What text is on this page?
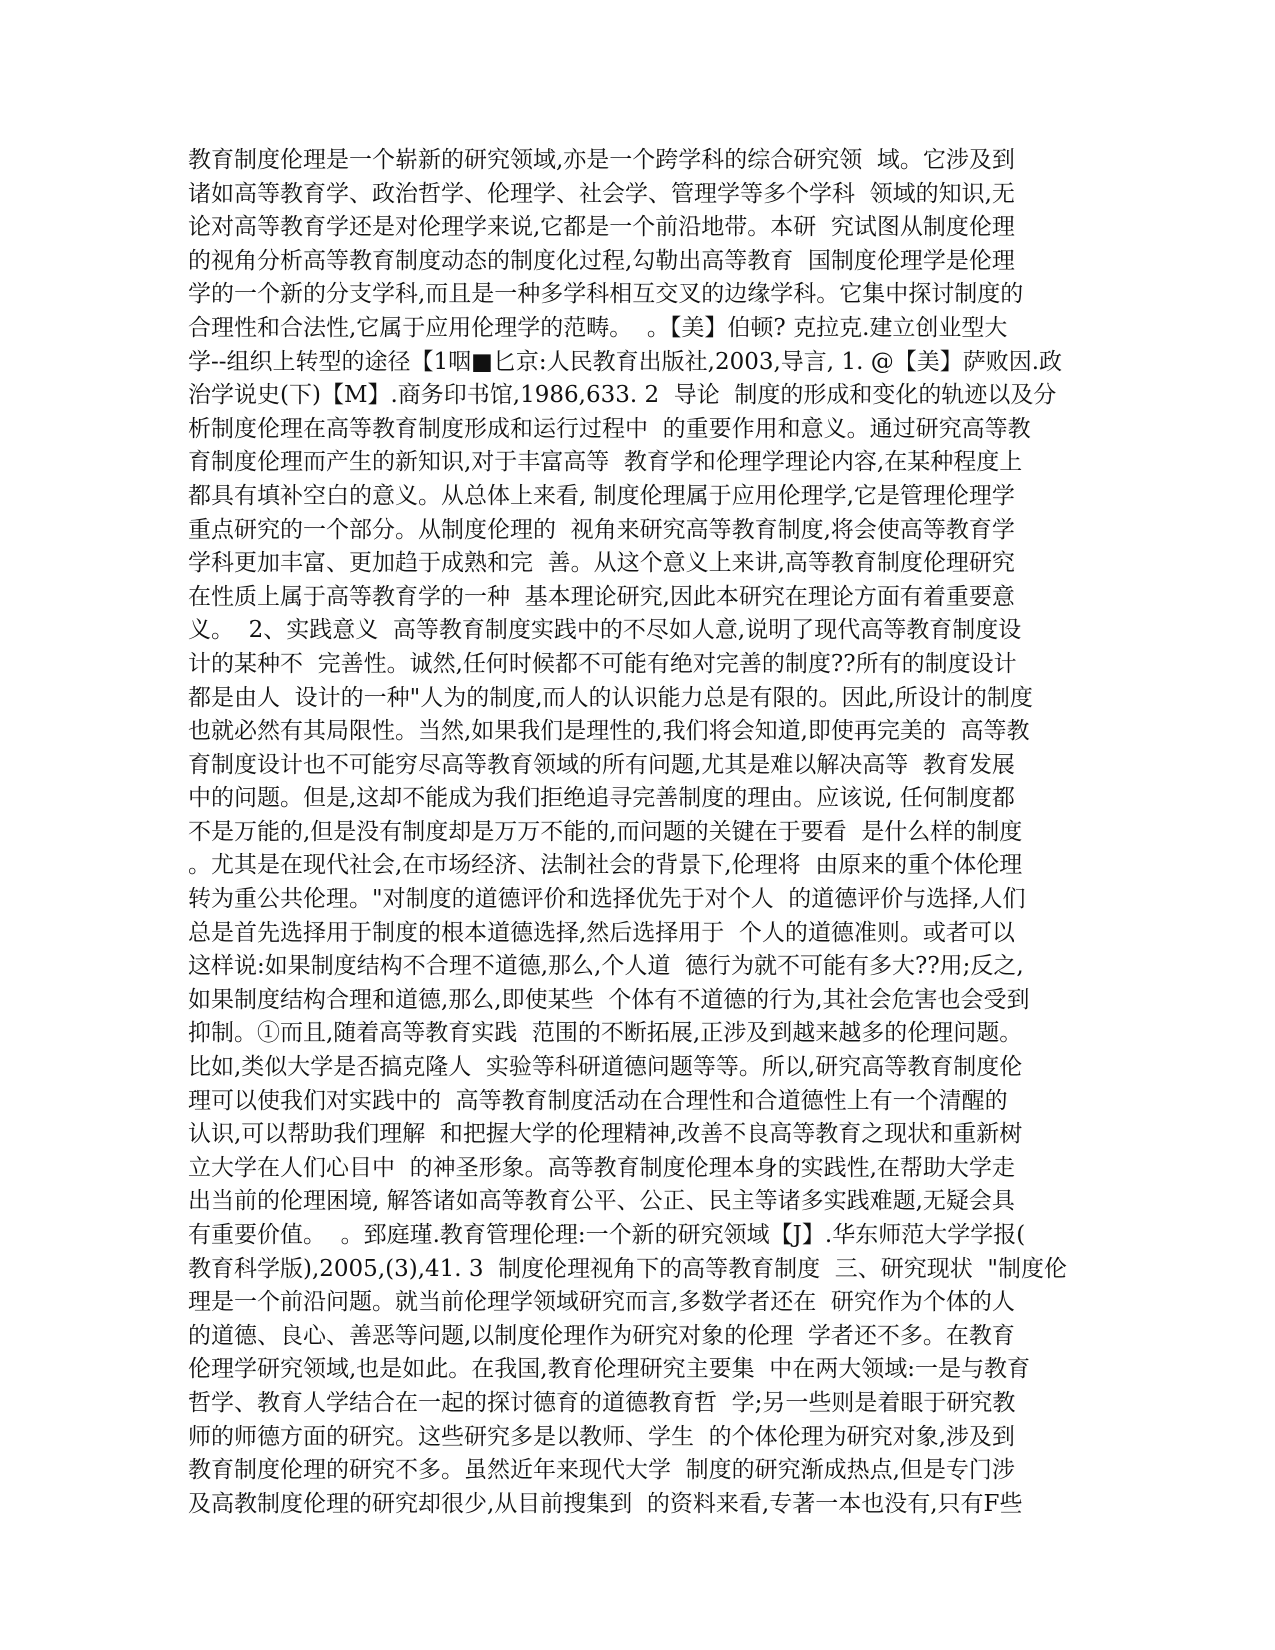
教育制度伦理是一个崭新的研究领域,亦是一个跨学科的综合研究领  域。它涉及到
诸如高等教育学、政治哲学、伦理学、社会学、管理学等多个学科  领域的知识,无
论对高等教育学还是对伦理学来说,它都是一个前沿地带。本研  究试图从制度伦理
的视角分析高等教育制度动态的制度化过程,勾勒出高等教育  国制度伦理学是伦理
学的一个新的分支学科,而且是一种多学科相互交叉的边缘学科。它集中探讨制度的
合理性和合法性,它属于应用伦理学的范畴。  。【美】伯顿? 克拉克.建立创业型大
学--组织上转型的途径【1咽■匕京:人民教育出版社,2003,导言, 1. @【美】萨败因.政
治学说史(下)【M】.商务印书馆,1986,633. 2  导论  制度的形成和变化的轨迹以及分
析制度伦理在高等教育制度形成和运行过程中  的重要作用和意义。通过研究高等教
育制度伦理而产生的新知识,对于丰富高等  教育学和伦理学理论内容,在某种程度上
都具有填补空白的意义。从总体上来看, 制度伦理属于应用伦理学,它是管理伦理学
重点研究的一个部分。从制度伦理的  视角来研究高等教育制度,将会使高等教育学
学科更加丰富、更加趋于成熟和完  善。从这个意义上来讲,高等教育制度伦理研究
在性质上属于高等教育学的一种  基本理论研究,因此本研究在理论方面有着重要意
义。  2、实践意义  高等教育制度实践中的不尽如人意,说明了现代高等教育制度设
计的某种不  完善性。诚然,任何时候都不可能有绝对完善的制度??所有的制度设计
都是由人  设计的一种"人为的制度,而人的认识能力总是有限的。因此,所设计的制度
也就必然有其局限性。当然,如果我们是理性的,我们将会知道,即使再完美的  高等教
育制度设计也不可能穷尽高等教育领域的所有问题,尤其是难以解决高等  教育发展
中的问题。但是,这却不能成为我们拒绝追寻完善制度的理由。应该说, 任何制度都
不是万能的,但是没有制度却是万万不能的,而问题的关键在于要看  是什么样的制度
。尤其是在现代社会,在市场经济、法制社会的背景下,伦理将  由原来的重个体伦理
转为重公共伦理。"对制度的道德评价和选择优先于对个人  的道德评价与选择,人们
总是首先选择用于制度的根本道德选择,然后选择用于  个人的道德准则。或者可以
这样说:如果制度结构不合理不道德,那么,个人道  德行为就不可能有多大??用;反之,
如果制度结构合理和道德,那么,即使某些  个体有不道德的行为,其社会危害也会受到
抑制。①而且,随着高等教育实践  范围的不断拓展,正涉及到越来越多的伦理问题。
比如,类似大学是否搞克隆人  实验等科研道德问题等等。所以,研究高等教育制度伦
理可以使我们对实践中的  高等教育制度活动在合理性和合道德性上有一个清醒的
认识,可以帮助我们理解  和把握大学的伦理精神,改善不良高等教育之现状和重新树
立大学在人们心目中  的神圣形象。高等教育制度伦理本身的实践性,在帮助大学走
出当前的伦理困境, 解答诸如高等教育公平、公正、民主等诸多实践难题,无疑会具
有重要价值。  。郅庭瑾.教育管理伦理:一个新的研究领域【J】.华东师范大学学报(
教育科学版),2005,(3),41. 3  制度伦理视角下的高等教育制度  三、研究现状  "制度伦
理是一个前沿问题。就当前伦理学领域研究而言,多数学者还在  研究作为个体的人
的道德、良心、善恶等问题,以制度伦理作为研究对象的伦理  学者还不多。在教育
伦理学研究领域,也是如此。在我国,教育伦理研究主要集  中在两大领域:一是与教育
哲学、教育人学结合在一起的探讨德育的道德教育哲  学;另一些则是着眼于研究教
师的师德方面的研究。这些研究多是以教师、学生  的个体伦理为研究对象,涉及到
教育制度伦理的研究不多。虽然近年来现代大学  制度的研究渐成热点,但是专门涉
及高教制度伦理的研究却很少,从目前搜集到  的资料来看,专著一本也没有,只有F些
